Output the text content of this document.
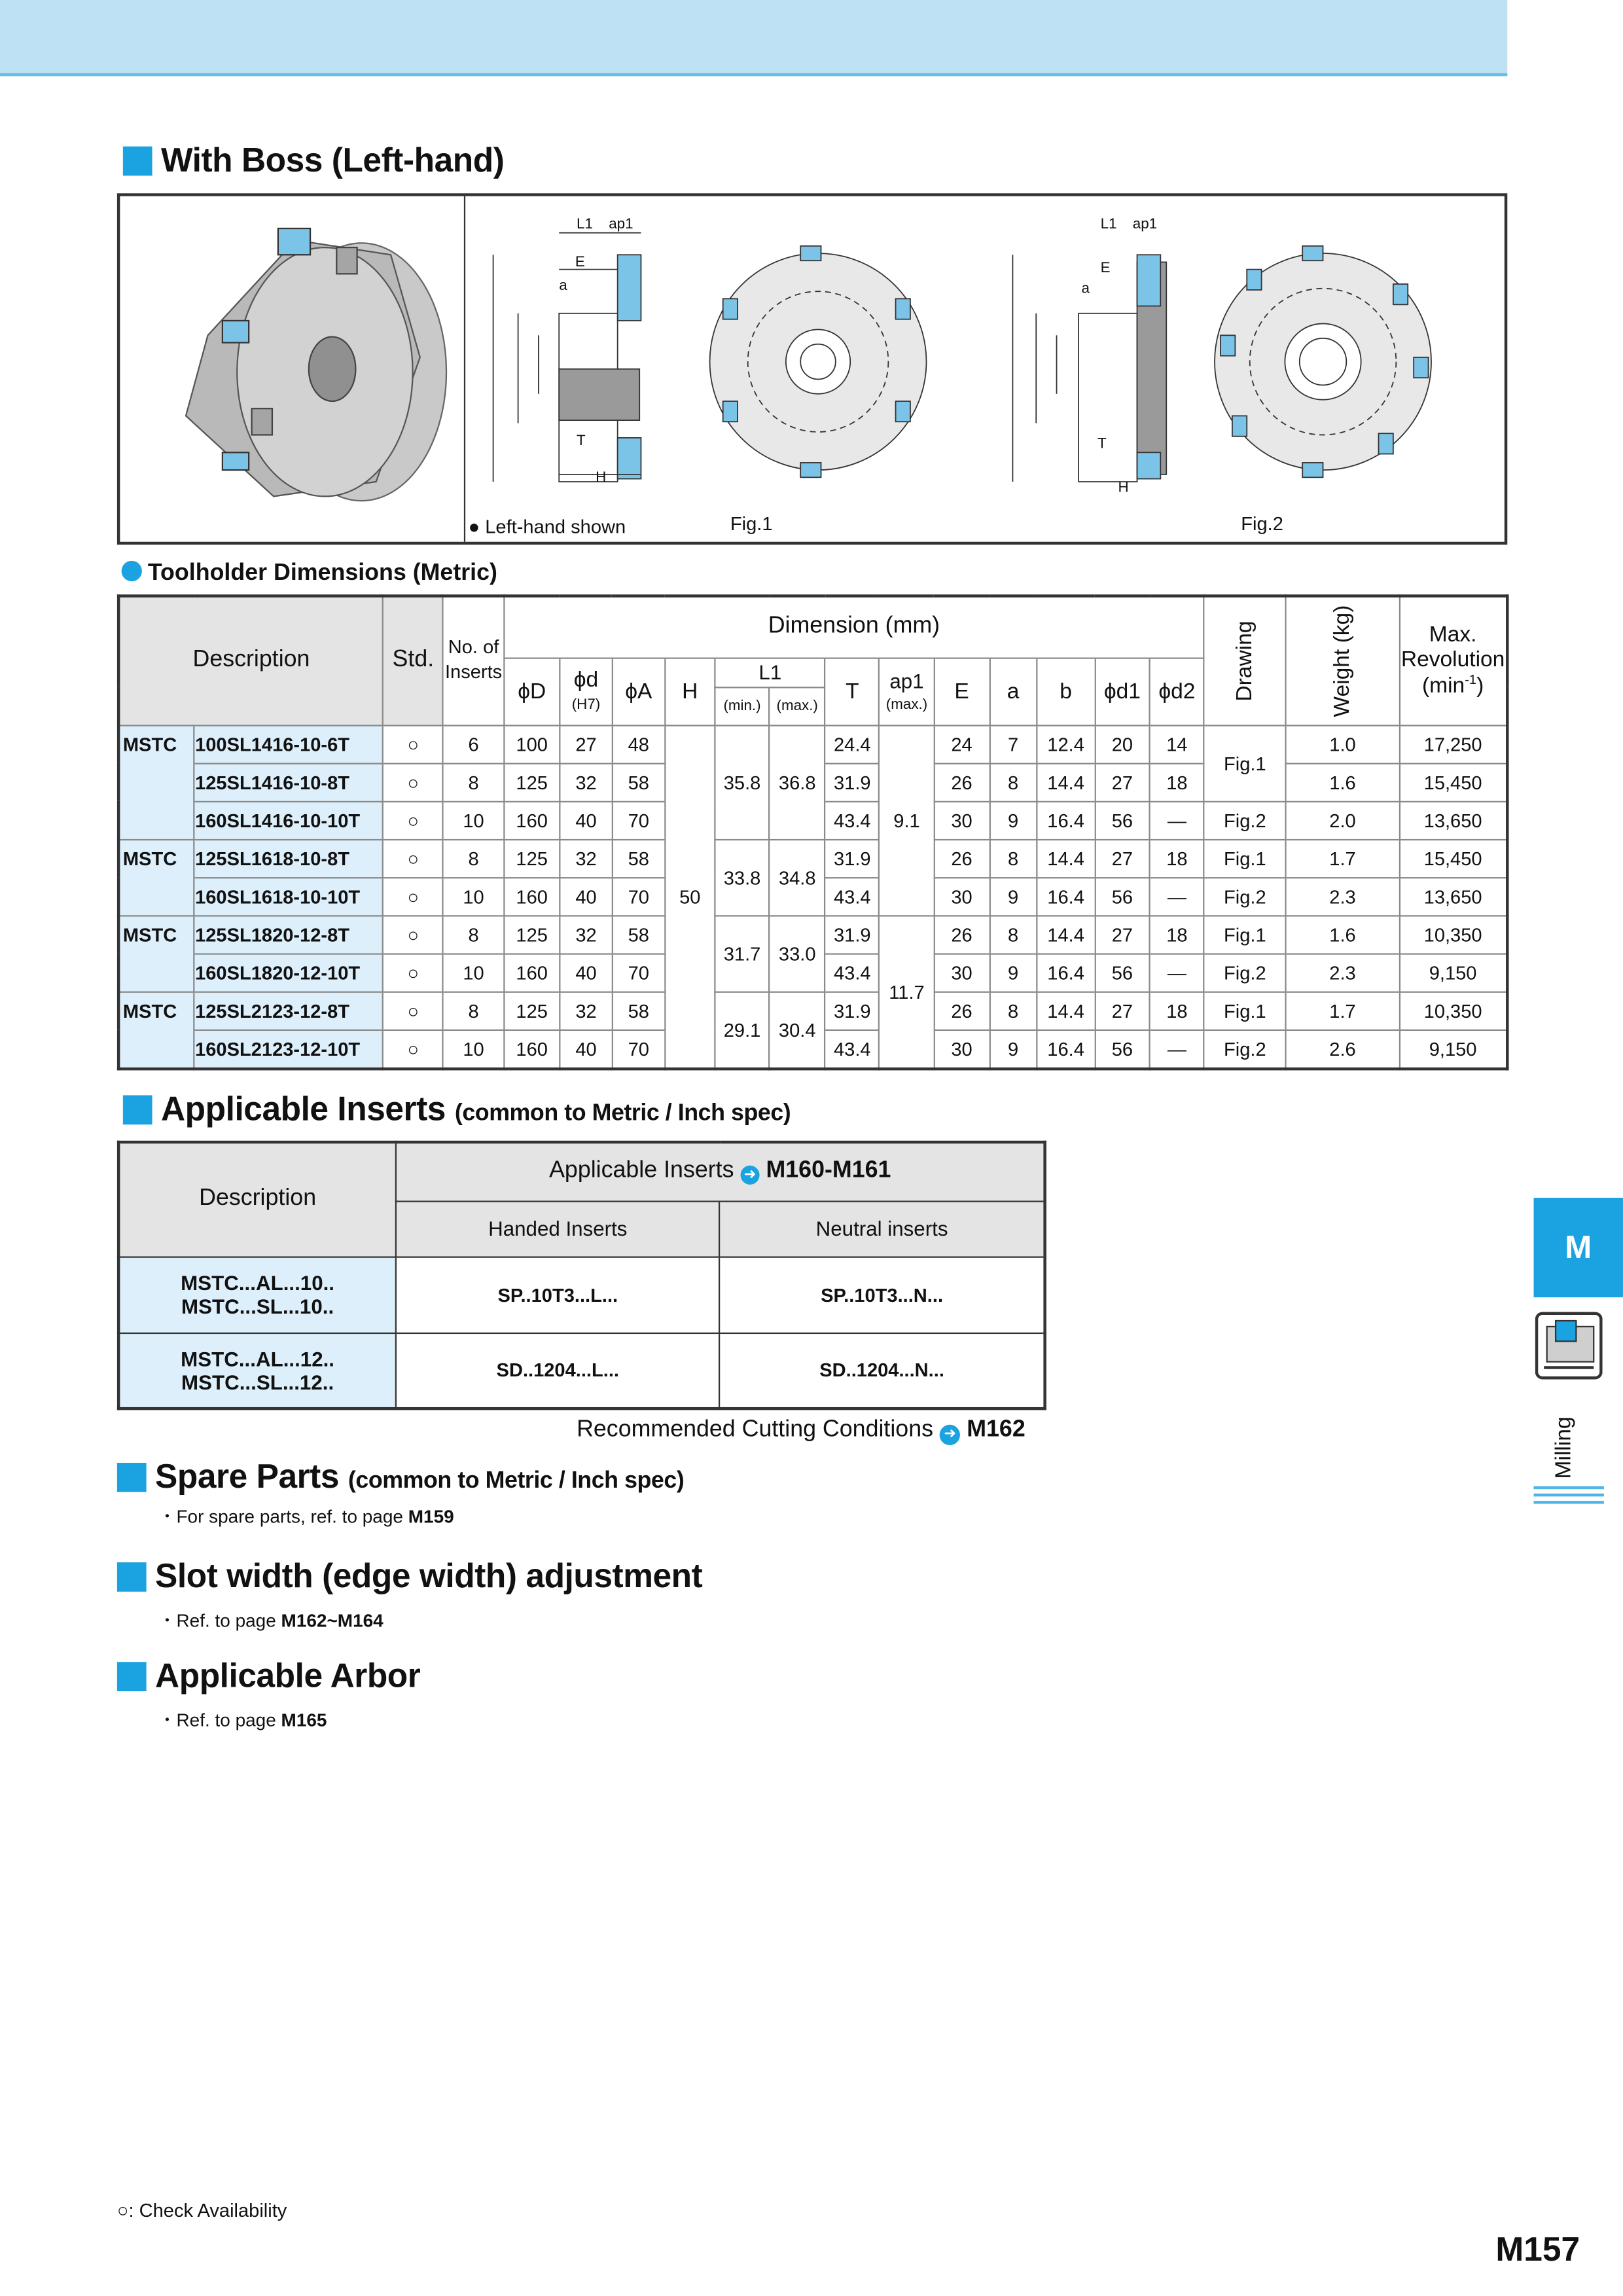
With Boss (Left-hand)
L1 ap1
E
a
H
T
L1 ap1
E
a
H
T
● Left-hand shown	Fig.1	Fig.2
Toolholder Dimensions (Metric)
Description		Std.	No. of Inserts	Dimension (mm)													Drawing	Weight (kg)	Max. Revolution
$(\min^{-1})$
				ϕD	ϕd
(H7)	ϕA	H	L1		T	ap1
(max.)	E	a	b	ϕd1	ϕd2			
								(min.)	(max.)										
MSTC	100SL1416-10-6T	○	6	100	27	48	50			24.4	9.1	24	7	12.4	20	14	Fig.1	1.0	17,250
	125SL1416-10-8T	○	8	125	32	58		35.8	36.8	31.9		26	8	14.4	27	18		1.6	15,450
	160SL1416-10-10T	○	10	160	40	70				43.4		30	9	16.4	56	—	Fig.2	2.0	13,650
MSTC	125SL1618-10-8T	○	8	125	32	58		33.8	34.8	31.9		26	8	14.4	27	18	Fig.1	1.7	15,450
	160SL1618-10-10T	○	10	160	40	70				43.4		30	9	16.4	56	—	Fig.2	2.3	13,650
MSTC	125SL1820-12-8T	○	8	125	32	58		31.7	33.0	31.9	11.7	26	8	14.4	27	18	Fig.1	1.6	10,350
	160SL1820-12-10T	○	10	160	40	70				43.4		30	9	16.4	56	—	Fig.2	2.3	9,150
MSTC	125SL2123-12-8T	○	8	125	32	58		29.1	30.4	31.9		26	8	14.4	27	18	Fig.1	1.7	10,350
	160SL2123-12-10T	○	10	160	40	70				43.4		30	9	16.4	56	—	Fig.2	2.6	9,150
Applicable Inserts (common to Metric / Inch spec)
Description	Applicable Inserts ➜ M160-M161	
	Handed Inserts	Neutral inserts
MSTC...AL...10..
MSTC...SL...10..	SP..10T3...L...	SP..10T3...N...
MSTC...AL...12..
MSTC...SL...12..	SD..1204...L...	SD..1204...N...
Recommended Cutting Conditions ➜ M162
Spare Parts (common to Metric / Inch spec)
・For spare parts, ref. to page M159
Slot width (edge width) adjustment
・Ref. to page M162~M164
Applicable Arbor
・Ref. to page M165
M
Milling
○: Check Availability
M157
